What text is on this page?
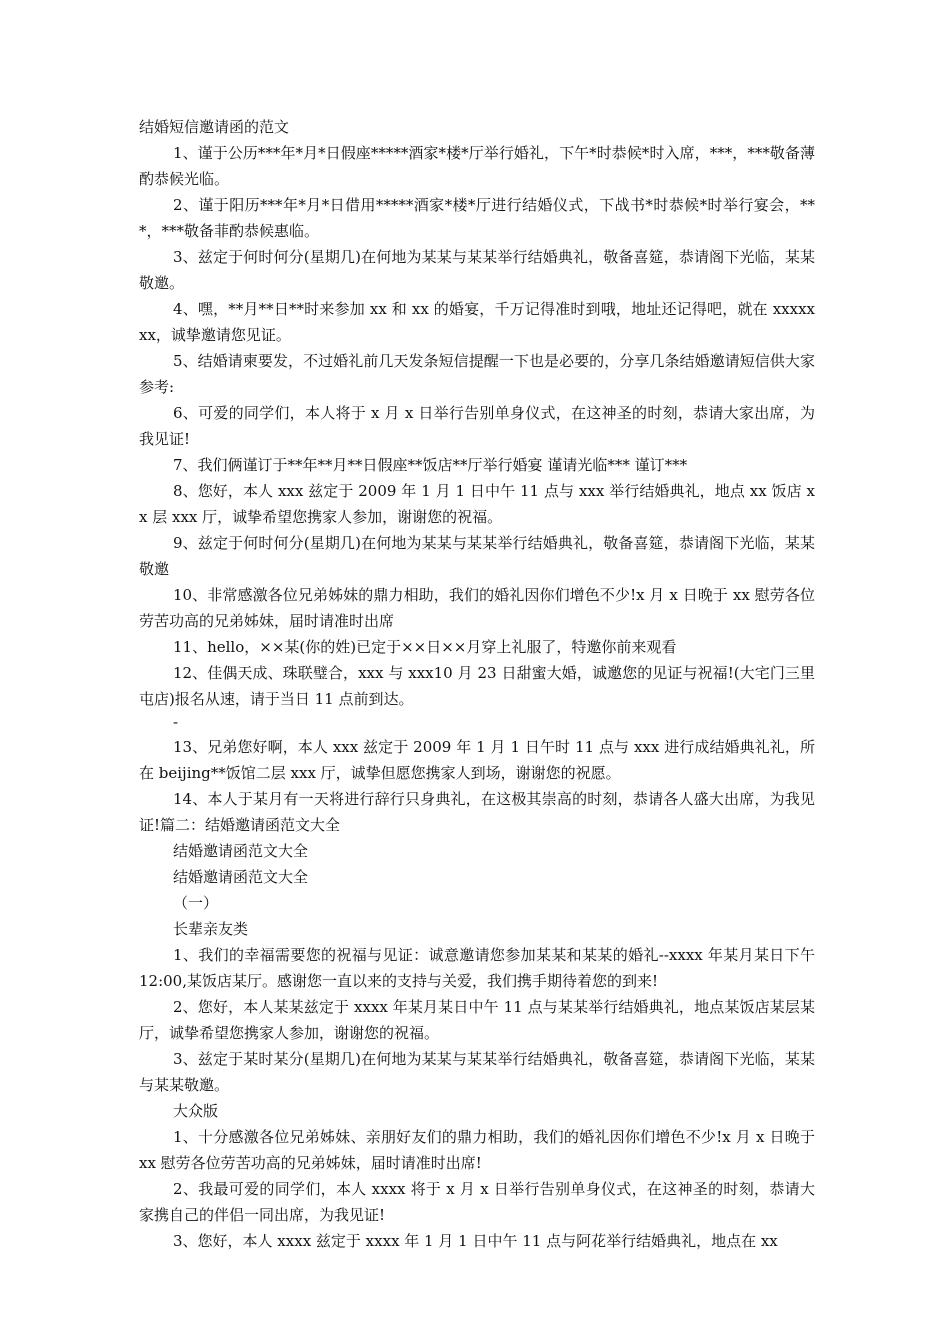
结婚短信邀请函的范文

1、谨于公历***年*月*日假座*****酒家*楼*厅举行婚礼，下午*时恭候*时入席，***，***敬备薄酌恭候光临。

2、谨于阳历***年*月*日借用*****酒家*楼*厅进行结婚仪式，下战书*时恭候*时举行宴会，***，***敬备菲酌恭候惠临。

3、兹定于何时何分(星期几)在何地为某某与某某举行结婚典礼，敬备喜筵，恭请阁下光临，某某敬邀。

4、嘿，**月**日**时来参加 xx 和 xx 的婚宴，千万记得准时到哦，地址还记得吧，就在 xxxxxxx，诚挚邀请您见证。

5、结婚请柬要发，不过婚礼前几天发条短信提醒一下也是必要的，分享几条结婚邀请短信供大家参考:

6、可爱的同学们，本人将于 x 月 x 日举行告别单身仪式，在这神圣的时刻，恭请大家出席，为我见证!

7、我们俩谨订于**年**月**日假座**饭店**厅举行婚宴 谨请光临*** 谨订***

8、您好，本人 xxx 兹定于 2009 年 1 月 1 日中午 11 点与 xxx 举行结婚典礼，地点 xx 饭店 xx 层 xxx 厅，诚挚希望您携家人参加，谢谢您的祝福。

9、兹定于何时何分(星期几)在何地为某某与某某举行结婚典礼，敬备喜筵，恭请阁下光临，某某敬邀

10、非常感激各位兄弟姊妹的鼎力相助，我们的婚礼因你们增色不少!x 月 x 日晚于 xx 慰劳各位劳苦功高的兄弟姊妹，届时请准时出席

11、hello，××某(你的姓)已定于××日××月穿上礼服了，特邀你前来观看

12、佳偶天成、珠联璧合，xxx 与 xxx10 月 23 日甜蜜大婚，诚邀您的见证与祝福!(大宅门三里屯店)报名从速，请于当日 11 点前到达。

-

13、兄弟您好啊，本人 xxx 兹定于 2009 年 1 月 1 日午时 11 点与 xxx 进行成结婚典礼礼，所在 beijing**饭馆二层 xxx 厅，诚挚但愿您携家人到场，谢谢您的祝愿。

14、本人于某月有一天将进行辞行只身典礼，在这极其崇高的时刻，恭请各人盛大出席，为我见证!篇二：结婚邀请函范文大全

结婚邀请函范文大全

结婚邀请函范文大全

（一）

长辈亲友类

1、我们的幸福需要您的祝福与见证：诚意邀请您参加某某和某某的婚礼--xxxx 年某月某日下午 12:00,某饭店某厅。感谢您一直以来的支持与关爱，我们携手期待着您的到来!

2、您好，本人某某兹定于 xxxx 年某月某日中午 11 点与某某举行结婚典礼，地点某饭店某层某厅，诚挚希望您携家人参加，谢谢您的祝福。

3、兹定于某时某分(星期几)在何地为某某与某某举行结婚典礼，敬备喜筵，恭请阁下光临，某某与某某敬邀。

大众版

1、十分感激各位兄弟姊妹、亲朋好友们的鼎力相助，我们的婚礼因你们增色不少!x 月 x 日晚于 xx 慰劳各位劳苦功高的兄弟姊妹，届时请准时出席!

2、我最可爱的同学们，本人 xxxx 将于 x 月 x 日举行告别单身仪式，在这神圣的时刻，恭请大家携自己的伴侣一同出席，为我见证!

3、您好，本人 xxxx 兹定于 xxxx 年 1 月 1 日中午 11 点与阿花举行结婚典礼，地点在 xx
